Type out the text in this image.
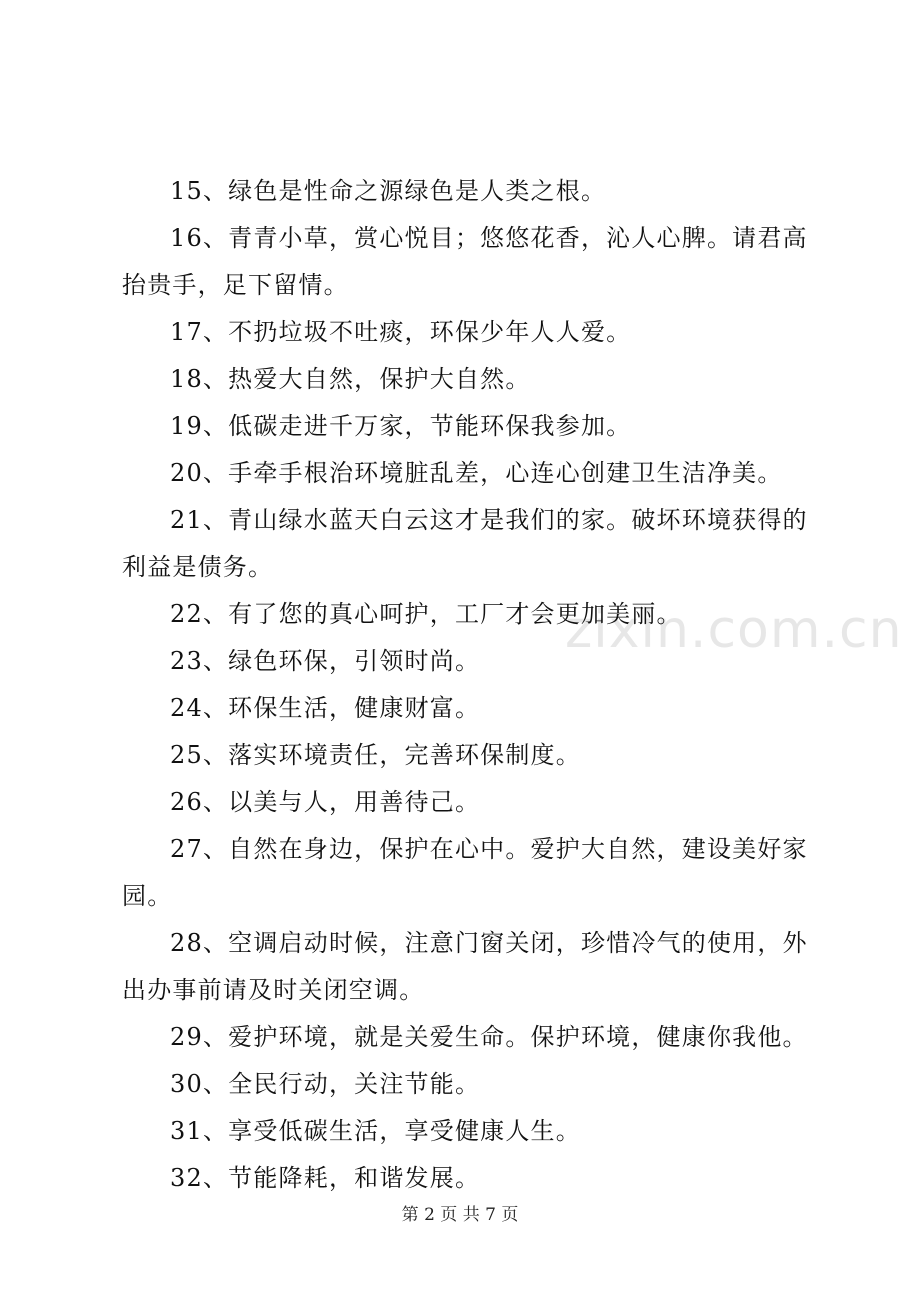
zixin.com.cn

15、绿色是性命之源绿色是人类之根。

16、青青小草，赏心悦目；悠悠花香，沁人心脾。请君高抬贵手，足下留情。

17、不扔垃圾不吐痰，环保少年人人爱。

18、热爱大自然，保护大自然。

19、低碳走进千万家，节能环保我参加。

20、手牵手根治环境脏乱差，心连心创建卫生洁净美。

21、青山绿水蓝天白云这才是我们的家。破坏环境获得的利益是债务。

22、有了您的真心呵护，工厂才会更加美丽。

23、绿色环保，引领时尚。

24、环保生活，健康财富。

25、落实环境责任，完善环保制度。

26、以美与人，用善待己。

27、自然在身边，保护在心中。爱护大自然，建设美好家园。

28、空调启动时候，注意门窗关闭，珍惜冷气的使用，外出办事前请及时关闭空调。

29、爱护环境，就是关爱生命。保护环境，健康你我他。

30、全民行动，关注节能。

31、享受低碳生活，享受健康人生。

32、节能降耗，和谐发展。

第 2 页 共 7 页
